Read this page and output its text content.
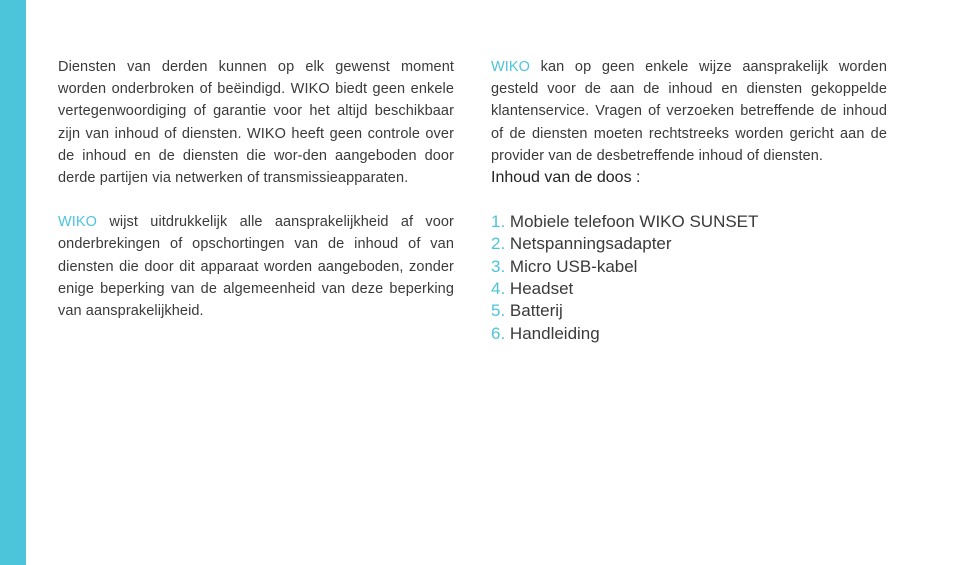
Diensten van derden kunnen op elk gewenst moment worden onderbroken of beëindigd. WIKO biedt geen enkele vertegenwoordiging of garantie voor het altijd beschikbaar zijn van inhoud of diensten. WIKO heeft geen controle over de inhoud en de diensten die wor-den aangeboden door derde partijen via netwerken of transmissieapparaten.

WIKO wijst uitdrukkelijk alle aansprakelijkheid af voor onderbrekingen of opschortingen van de inhoud of van diensten die door dit apparaat worden aangeboden, zonder enige beperking van de algemeenheid van deze beperking van aansprakelijkheid.

WIKO kan op geen enkele wijze aansprakelijk worden gesteld voor de aan de inhoud en diensten gekoppelde klantenservice. Vragen of verzoeken betreffende de inhoud of de diensten moeten rechtstreeks worden gericht aan de provider van de desbetreffende inhoud of diensten.

Inhoud van de doos :
1. Mobiele telefoon WIKO SUNSET
2. Netspanningsadapter
3. Micro USB-kabel
4. Headset
5. Batterij
6. Handleiding
